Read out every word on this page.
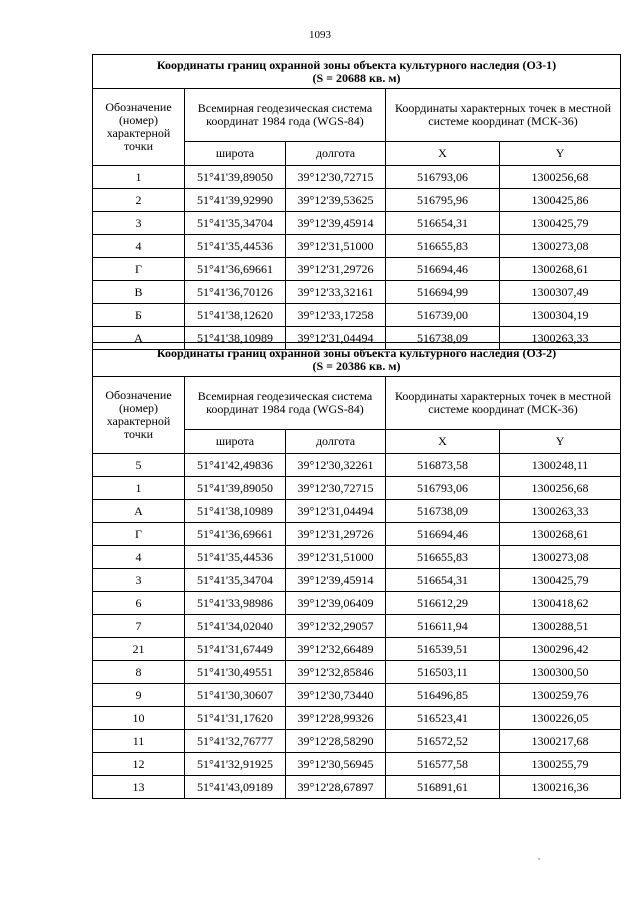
1093
Координаты границ охранной зоны объекта культурного наследия (ОЗ-1)
(S = 20688 кв. м)				

Обозначение (номер) характерной точки	Всемирная геодезическая система координат 1984 года (WGS-84)		Координаты характерных точек в местной системе координат (МСК-36)	
	широта	долгота	X	Y
1	51°41'39,89050	39°12'30,72715	516793,06	1300256,68
2	51°41'39,92990	39°12'39,53625	516795,96	1300425,86
3	51°41'35,34704	39°12'39,45914	516654,31	1300425,79
4	51°41'35,44536	39°12'31,51000	516655,83	1300273,08
Г	51°41'36,69661	39°12'31,29726	516694,46	1300268,61
В	51°41'36,70126	39°12'33,32161	516694,99	1300307,49
Б	51°41'38,12620	39°12'33,17258	516739,00	1300304,19
А	51°41'38,10989	39°12'31,04494	516738,09	1300263,33
Координаты границ охранной зоны объекта культурного наследия (ОЗ-2)
(S = 20386 кв. м)				

Обозначение (номер) характерной точки	Всемирная геодезическая система координат 1984 года (WGS-84)		Координаты характерных точек в местной системе координат (МСК-36)	
	широта	долгота	X	Y
5	51°41'42,49836	39°12'30,32261	516873,58	1300248,11
1	51°41'39,89050	39°12'30,72715	516793,06	1300256,68
А	51°41'38,10989	39°12'31,04494	516738,09	1300263,33
Г	51°41'36,69661	39°12'31,29726	516694,46	1300268,61
4	51°41'35,44536	39°12'31,51000	516655,83	1300273,08
3	51°41'35,34704	39°12'39,45914	516654,31	1300425,79
6	51°41'33,98986	39°12'39,06409	516612,29	1300418,62
7	51°41'34,02040	39°12'32,29057	516611,94	1300288,51
21	51°41'31,67449	39°12'32,66489	516539,51	1300296,42
8	51°41'30,49551	39°12'32,85846	516503,11	1300300,50
9	51°41'30,30607	39°12'30,73440	516496,85	1300259,76
10	51°41'31,17620	39°12'28,99326	516523,41	1300226,05
11	51°41'32,76777	39°12'28,58290	516572,52	1300217,68
12	51°41'32,91925	39°12'30,56945	516577,58	1300255,79
13	51°41'43,09189	39°12'28,67897	516891,61	1300216,36
